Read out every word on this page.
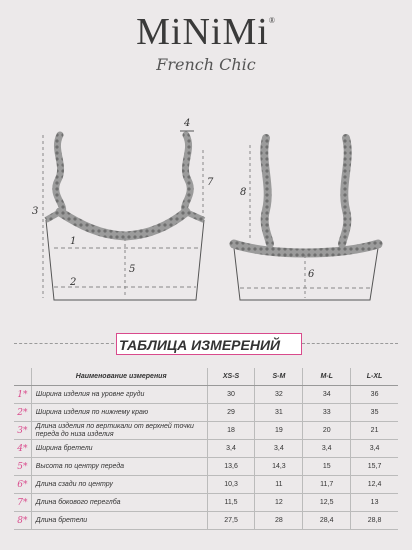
MiNiMi®
French Chic
1
2
3
4
5
7
6
8
ТАБЛИЦА ИЗМЕРЕНИЙ
	Наименование измерения	XS-S	S-M	M-L	L-XL
1*	Ширина изделия на уровне груди	30	32	34	36
2*	Ширина изделия по нижнему краю	29	31	33	35
3*	Длина изделия по вертикали от верхней точки переда до низа изделия	18	19	20	21
4*	Ширина бретели	3,4	3,4	3,4	3,4
5*	Высота по центру переда	13,6	14,3	15	15,7
6*	Длина сзади по центру	10,3	11	11,7	12,4
7*	Длина бокового переглба	11,5	12	12,5	13
8*	Длина бретели	27,5	28	28,4	28,8
